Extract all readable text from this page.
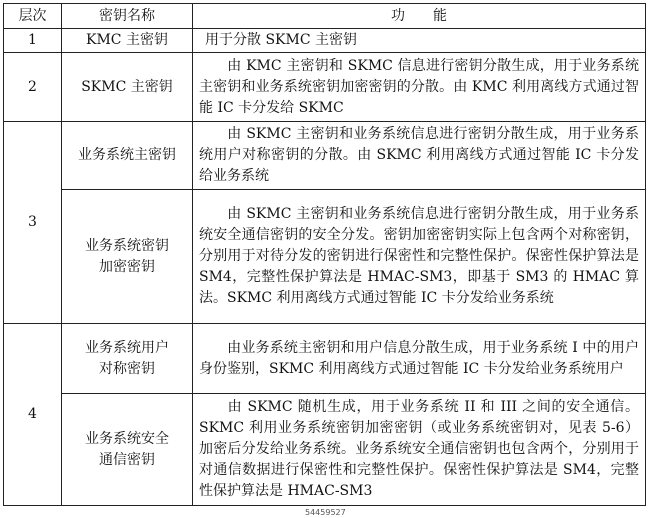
层次	密钥名称	功　　能
1	KMC 主密钥	用于分散 SKMC 主密钥
2	SKMC 主密钥	由 KMC 主密钥和 SKMC 信息进行密钥分散生成，用于业务系统主密钥和业务系统密钥加密密钥的分散。由 KMC 利用离线方式通过智能 IC 卡分发给 SKMC
3	业务系统主密钥	由 SKMC 主密钥和业务系统信息进行密钥分散生成，用于业务系统用户对称密钥的分散。由 SKMC 利用离线方式通过智能 IC 卡分发给业务系统
	业务系统密钥加密密钥	由 SKMC 主密钥和业务系统信息进行密钥分散生成，用于业务系统安全通信密钥的安全分发。密钥加密密钥实际上包含两个对称密钥，分别用于对待分发的密钥进行保密性和完整性保护。保密性保护算法是 SM4，完整性保护算法是 HMAC-SM3，即基于 SM3 的 HMAC 算法。SKMC 利用离线方式通过智能 IC 卡分发给业务系统
4	业务系统用户对称密钥	由业务系统主密钥和用户信息分散生成，用于业务系统 I 中的用户身份鉴别，SKMC 利用离线方式通过智能 IC 卡分发给业务系统用户
	业务系统安全通信密钥	由 SKMC 随机生成，用于业务系统 II 和 III 之间的安全通信。SKMC 利用业务系统密钥加密密钥（或业务系统密钥对，见表 5-6）加密后分发给业务系统。业务系统安全通信密钥也包含两个，分别用于对通信数据进行保密性和完整性保护。保密性保护算法是 SM4，完整性保护算法是 HMAC-SM3
54459527
